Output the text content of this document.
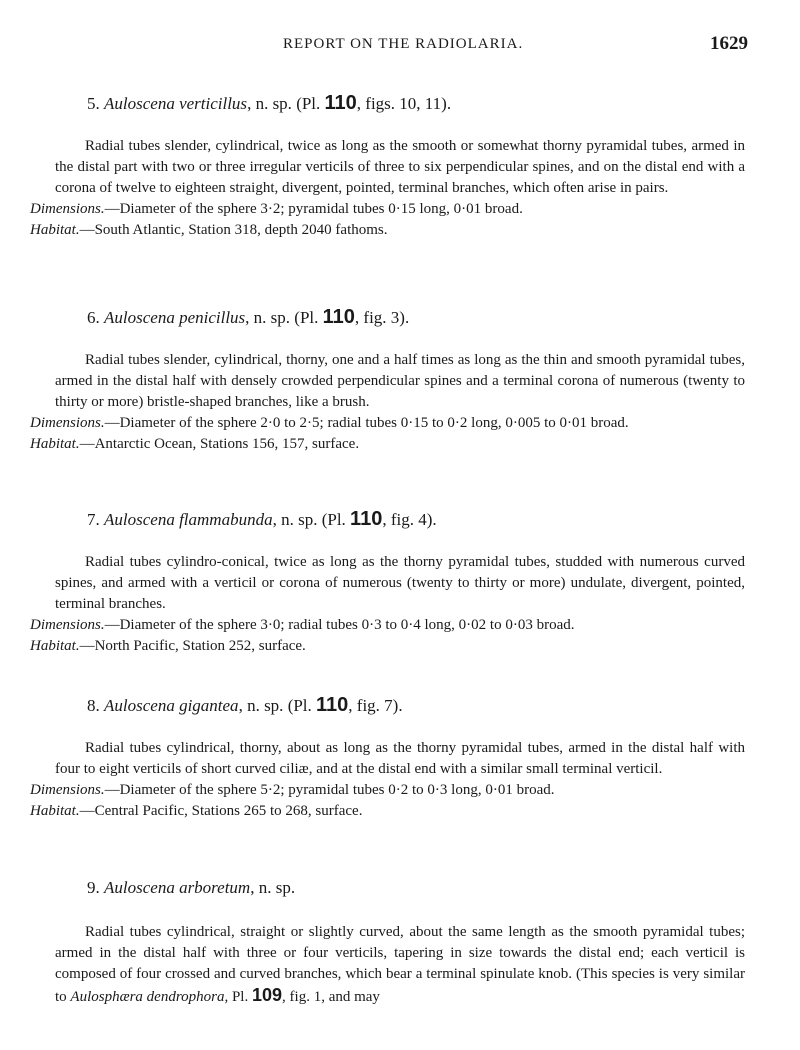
REPORT ON THE RADIOLARIA.	1629
5. Auloscena verticillus, n. sp. (Pl. 110, figs. 10, 11).

Radial tubes slender, cylindrical, twice as long as the smooth or somewhat thorny pyramidal tubes, armed in the distal part with two or three irregular verticils of three to six perpendicular spines, and on the distal end with a corona of twelve to eighteen straight, divergent, pointed, terminal branches, which often arise in pairs.

Dimensions.—Diameter of the sphere 3·2; pyramidal tubes 0·15 long, 0·01 broad.

Habitat.—South Atlantic, Station 318, depth 2040 fathoms.

6. Auloscena penicillus, n. sp. (Pl. 110, fig. 3).

Radial tubes slender, cylindrical, thorny, one and a half times as long as the thin and smooth pyramidal tubes, armed in the distal half with densely crowded perpendicular spines and a terminal corona of numerous (twenty to thirty or more) bristle-shaped branches, like a brush.

Dimensions.—Diameter of the sphere 2·0 to 2·5; radial tubes 0·15 to 0·2 long, 0·005 to 0·01 broad.

Habitat.—Antarctic Ocean, Stations 156, 157, surface.

7. Auloscena flammabunda, n. sp. (Pl. 110, fig. 4).

Radial tubes cylindro-conical, twice as long as the thorny pyramidal tubes, studded with numerous curved spines, and armed with a verticil or corona of numerous (twenty to thirty or more) undulate, divergent, pointed, terminal branches.

Dimensions.—Diameter of the sphere 3·0; radial tubes 0·3 to 0·4 long, 0·02 to 0·03 broad.

Habitat.—North Pacific, Station 252, surface.

8. Auloscena gigantea, n. sp. (Pl. 110, fig. 7).

Radial tubes cylindrical, thorny, about as long as the thorny pyramidal tubes, armed in the distal half with four to eight verticils of short curved ciliæ, and at the distal end with a similar small terminal verticil.

Dimensions.—Diameter of the sphere 5·2; pyramidal tubes 0·2 to 0·3 long, 0·01 broad.

Habitat.—Central Pacific, Stations 265 to 268, surface.

9. Auloscena arboretum, n. sp.

Radial tubes cylindrical, straight or slightly curved, about the same length as the smooth pyramidal tubes; armed in the distal half with three or four verticils, tapering in size towards the distal end; each verticil is composed of four crossed and curved branches, which bear a terminal spinulate knob. (This species is very similar to Aulosphæra dendrophora, Pl. 109, fig. 1, and may
